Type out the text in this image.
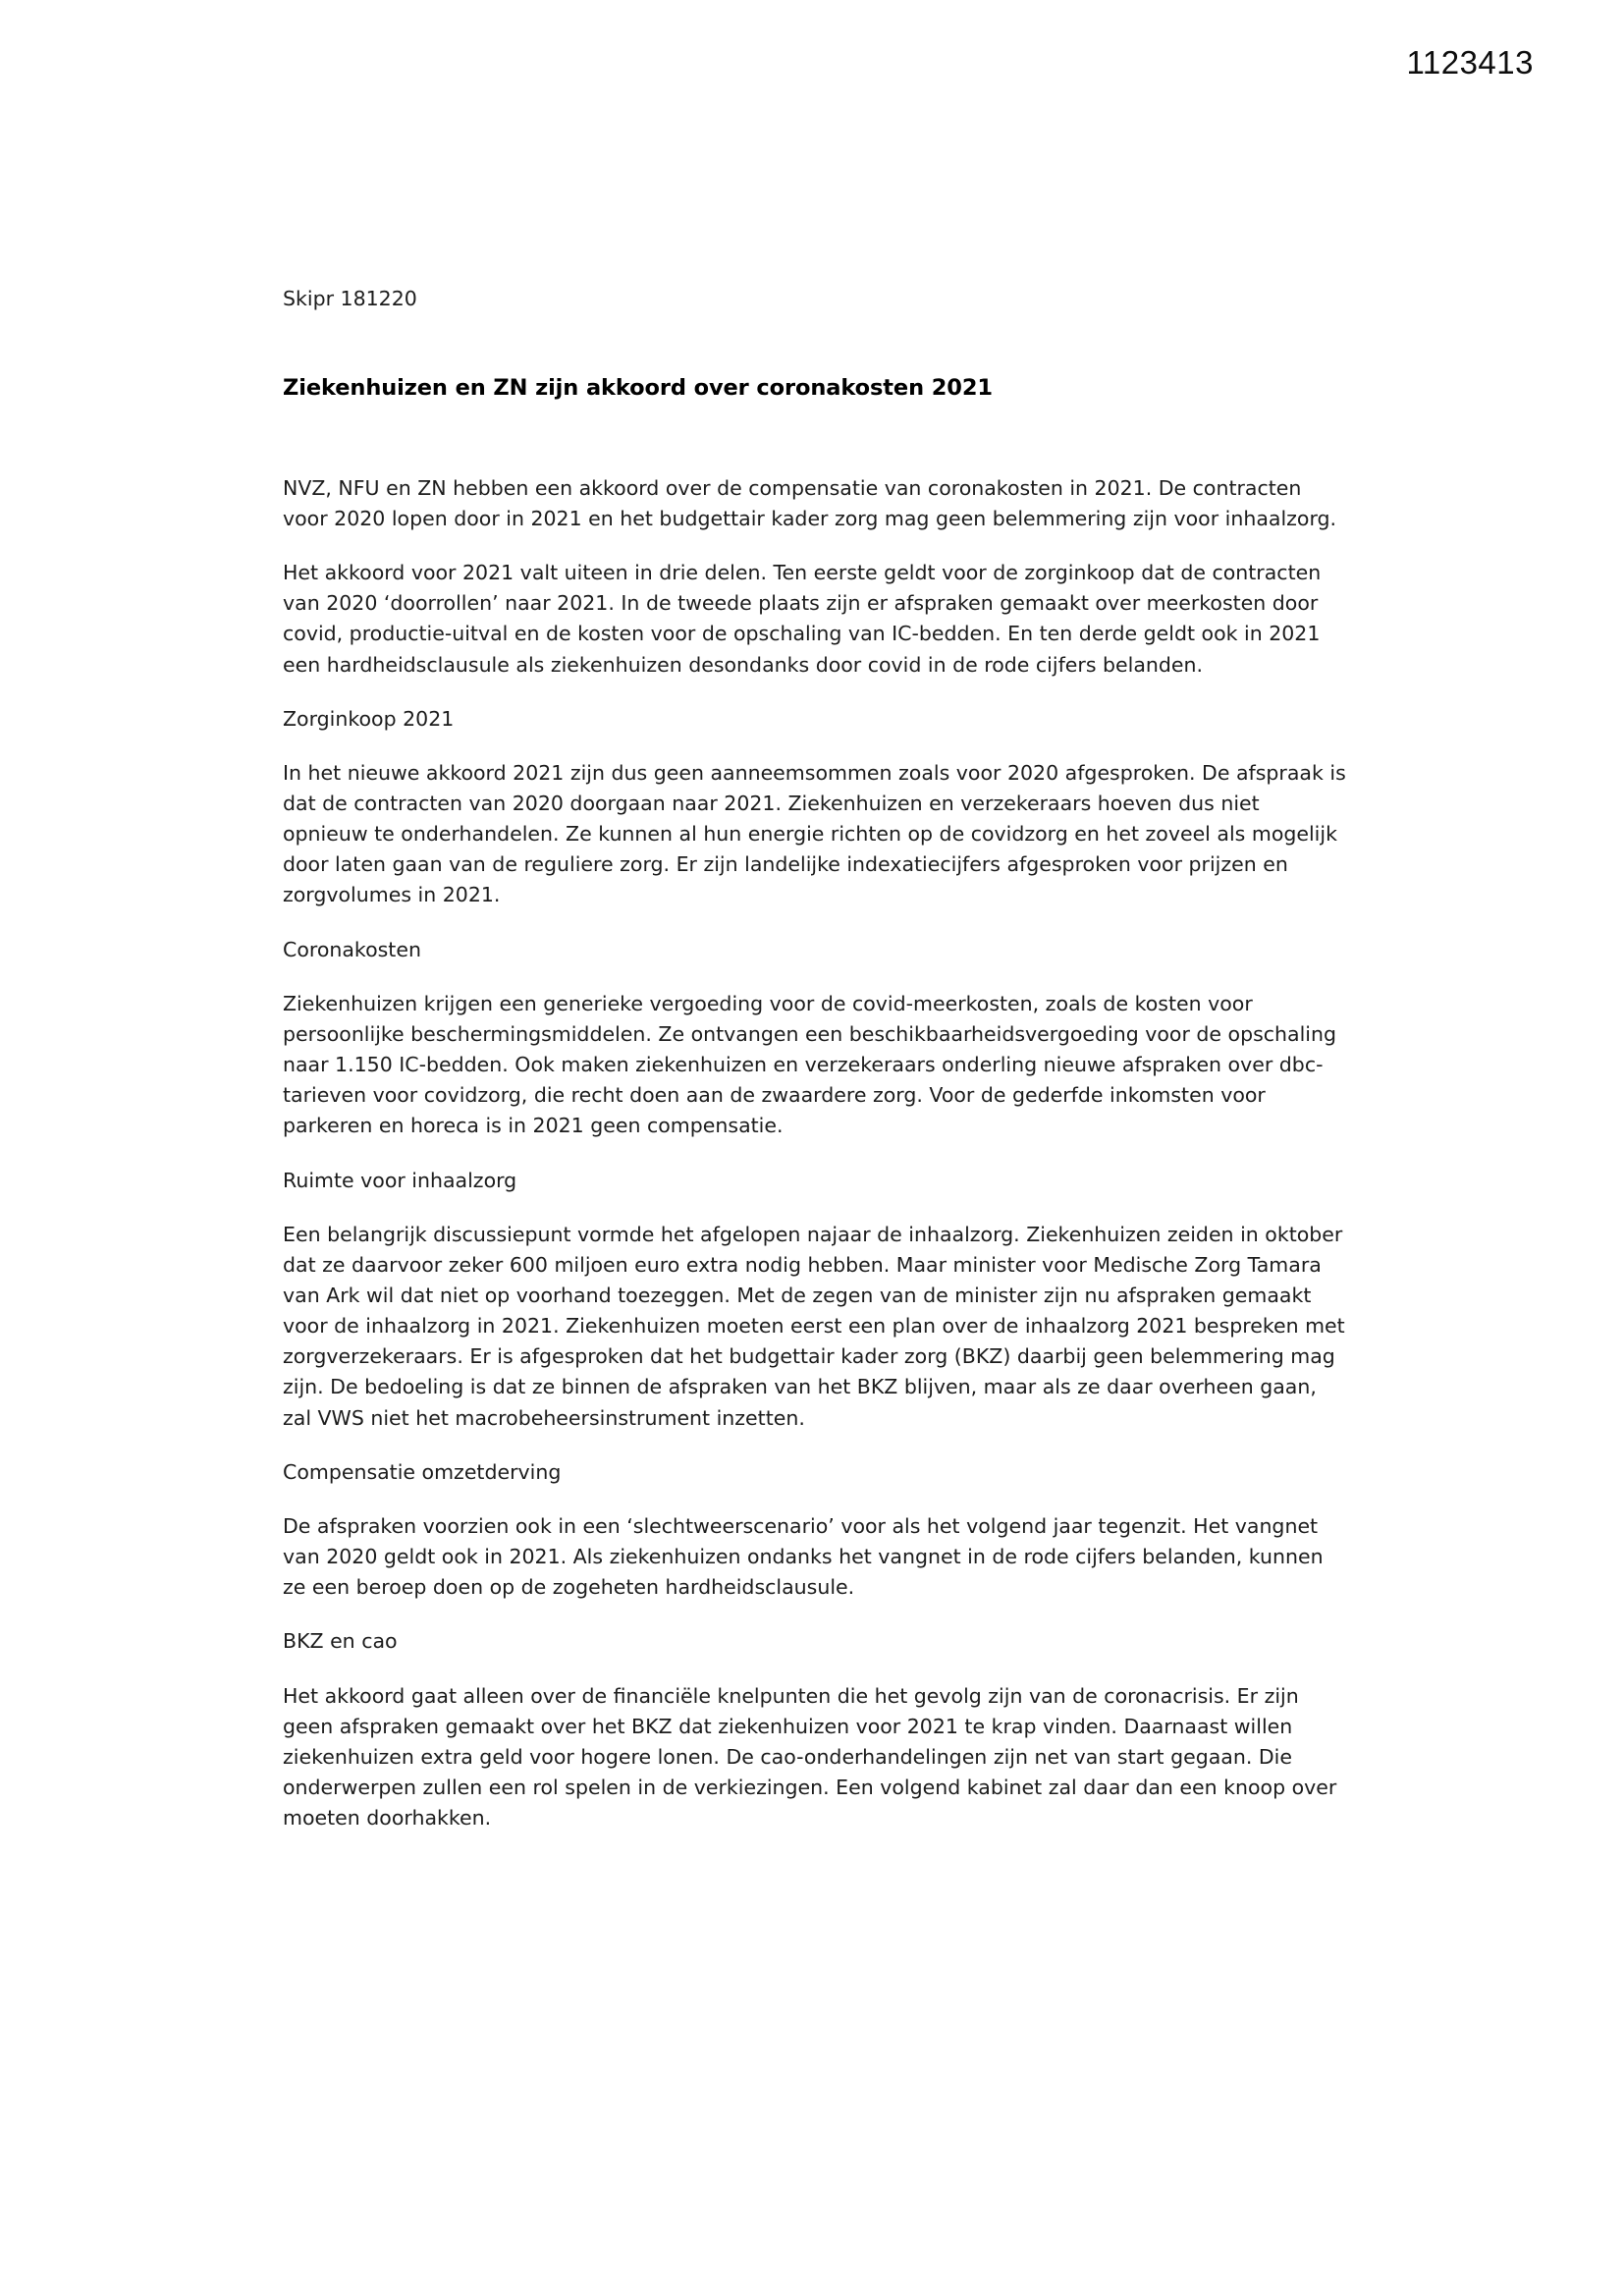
1123413
Skipr 181220
Ziekenhuizen en ZN zijn akkoord over coronakosten 2021

NVZ, NFU en ZN hebben een akkoord over de compensatie van coronakosten in 2021. De contracten voor 2020 lopen door in 2021 en het budgettair kader zorg mag geen belemmering zijn voor inhaalzorg.

Het akkoord voor 2021 valt uiteen in drie delen. Ten eerste geldt voor de zorginkoop dat de contracten van 2020 ‘doorrollen’ naar 2021. In de tweede plaats zijn er afspraken gemaakt over meerkosten door covid, productie-uitval en de kosten voor de opschaling van IC-bedden. En ten derde geldt ook in 2021 een hardheidsclausule als ziekenhuizen desondanks door covid in de rode cijfers belanden.

Zorginkoop 2021

In het nieuwe akkoord 2021 zijn dus geen aanneemsommen zoals voor 2020 afgesproken. De afspraak is dat de contracten van 2020 doorgaan naar 2021. Ziekenhuizen en verzekeraars hoeven dus niet opnieuw te onderhandelen. Ze kunnen al hun energie richten op de covidzorg en het zoveel als mogelijk door laten gaan van de reguliere zorg. Er zijn landelijke indexatiecijfers afgesproken voor prijzen en zorgvolumes in 2021.

Coronakosten

Ziekenhuizen krijgen een generieke vergoeding voor de covid-meerkosten, zoals de kosten voor persoonlijke beschermingsmiddelen. Ze ontvangen een beschikbaarheidsvergoeding voor de opschaling naar 1.150 IC-bedden. Ook maken ziekenhuizen en verzekeraars onderling nieuwe afspraken over dbc-tarieven voor covidzorg, die recht doen aan de zwaardere zorg. Voor de gederfde inkomsten voor parkeren en horeca is in 2021 geen compensatie.

Ruimte voor inhaalzorg

Een belangrijk discussiepunt vormde het afgelopen najaar de inhaalzorg. Ziekenhuizen zeiden in oktober dat ze daarvoor zeker 600 miljoen euro extra nodig hebben. Maar minister voor Medische Zorg Tamara van Ark wil dat niet op voorhand toezeggen. Met de zegen van de minister zijn nu afspraken gemaakt voor de inhaalzorg in 2021. Ziekenhuizen moeten eerst een plan over de inhaalzorg 2021 bespreken met zorgverzekeraars. Er is afgesproken dat het budgettair kader zorg (BKZ) daarbij geen belemmering mag zijn. De bedoeling is dat ze binnen de afspraken van het BKZ blijven, maar als ze daar overheen gaan, zal VWS niet het macrobeheersinstrument inzetten.

Compensatie omzetderving

De afspraken voorzien ook in een ‘slechtweerscenario’ voor als het volgend jaar tegenzit. Het vangnet van 2020 geldt ook in 2021. Als ziekenhuizen ondanks het vangnet in de rode cijfers belanden, kunnen ze een beroep doen op de zogeheten hardheidsclausule.

BKZ en cao

Het akkoord gaat alleen over de financiële knelpunten die het gevolg zijn van de coronacrisis. Er zijn geen afspraken gemaakt over het BKZ dat ziekenhuizen voor 2021 te krap vinden. Daarnaast willen ziekenhuizen extra geld voor hogere lonen. De cao-onderhandelingen zijn net van start gegaan. Die onderwerpen zullen een rol spelen in de verkiezingen. Een volgend kabinet zal daar dan een knoop over moeten doorhakken.
